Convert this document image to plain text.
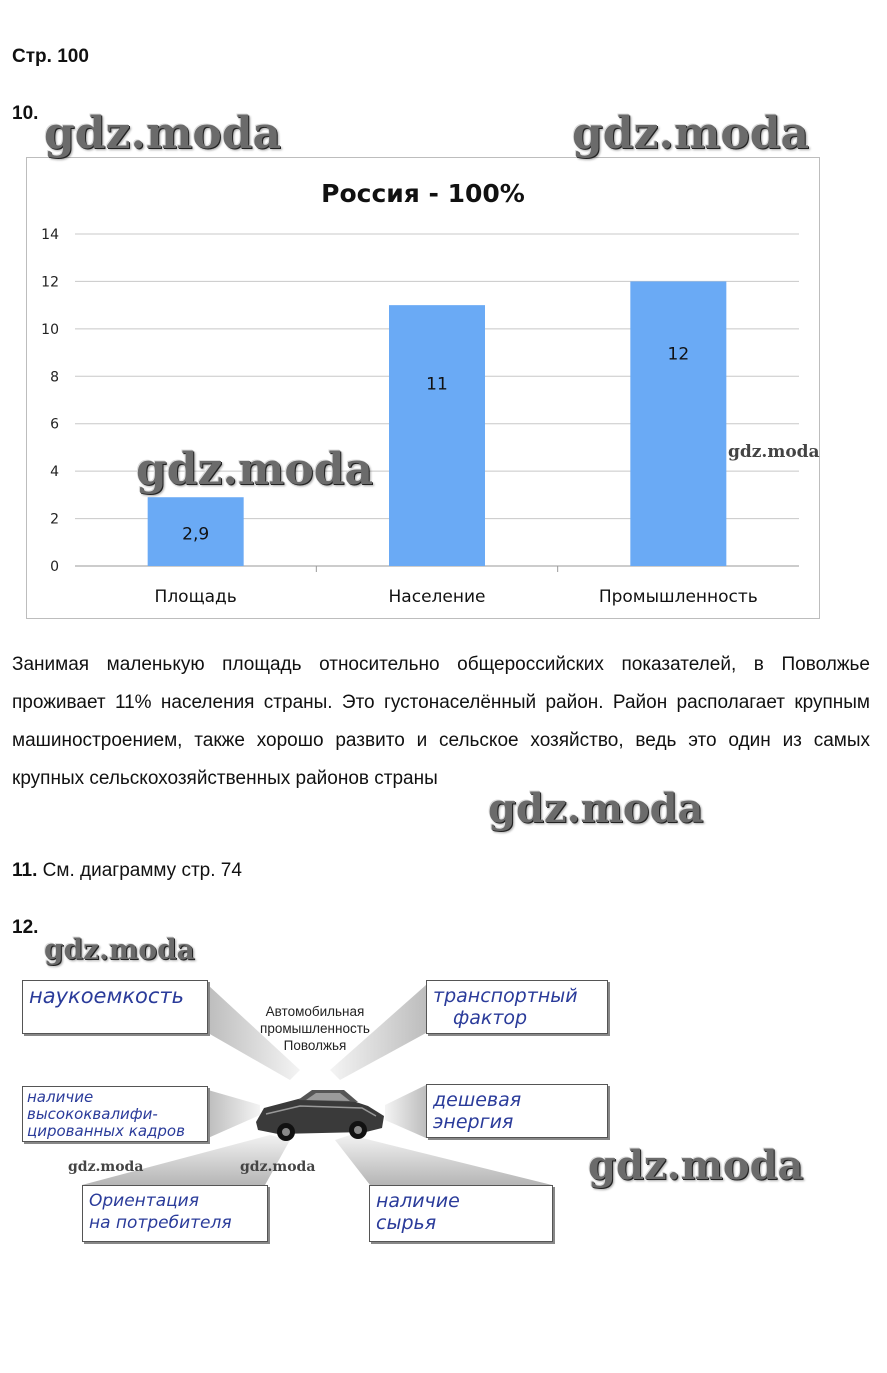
Стр. 100
10.
Россия - 100%
0
2
4
6
8
10
12
14
2,9
Площадь
11
Население
12
Промышленность
Занимая маленькую площадь относительно общероссийских показателей, в Поволжье проживает 11% населения страны. Это густонаселённый район. Район располагает крупным машиностроением, также хорошо развито и сельское хозяйство, ведь это один из самых крупных сельскохозяйственных районов страны
11. См. диаграмму стр. 74
12.
Автомобильная
промышленность
Поволжья
наукоемкость	транспортный
фактор
наличие
высококвалифи-
цированных кадров
дешевая
энергия
Ориентация
на потребителя
наличие
сырья
gdz.moda	gdz.moda
gdz.moda	gdz.moda
gdz.moda
gdz.moda
gdz.moda	gdz.moda	gdz.moda
